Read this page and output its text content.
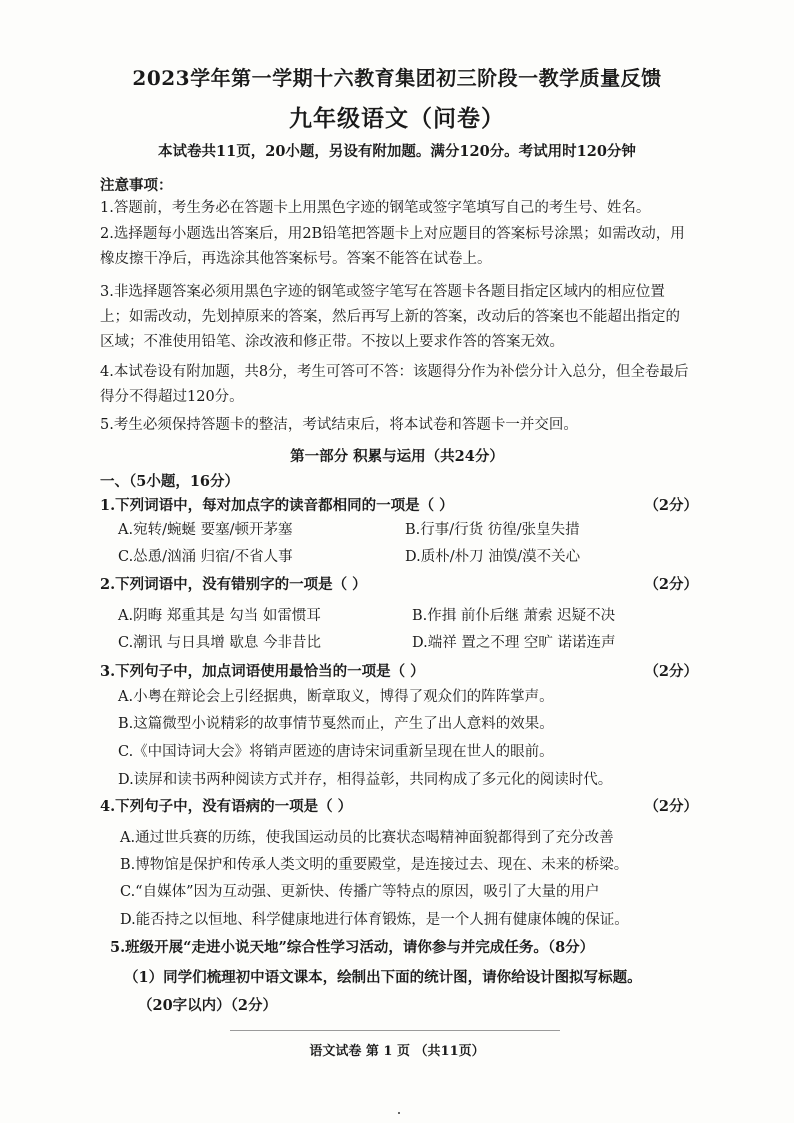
2023学年第一学期十六教育集团初三阶段一教学质量反馈
九年级语文（问卷）
本试卷共11页，20小题，另设有附加题。满分120分。考试用时120分钟
注意事项：
1.答题前，考生务必在答题卡上用黑色字迹的钢笔或签字笔填写自己的考生号、姓名。
2.选择题每小题选出答案后，用2B铅笔把答题卡上对应题目的答案标号涂黑；如需改动，用橡皮擦干净后，再选涂其他答案标号。答案不能答在试卷上。
3.非选择题答案必须用黑色字迹的钢笔或签字笔写在答题卡各题目指定区域内的相应位置上；如需改动，先划掉原来的答案，然后再写上新的答案，改动后的答案也不能超出指定的区域；不准使用铅笔、涂改液和修正带。不按以上要求作答的答案无效。
4.本试卷设有附加题，共8分，考生可答可不答：该题得分作为补偿分计入总分，但全卷最后得分不得超过120分。
5.考生必须保持答题卡的整洁，考试结束后，将本试卷和答题卡一并交回。
第一部分 积累与运用（共24分）
一、（5小题，16分）
1.下列词语中，每对加点字的读音都相同的一项是（ ）	（2分）
A.宛转/蜿蜒 要塞/顿开茅塞	B.行事/行货 彷徨/张皇失措
C.怂恿/汹涌 归宿/不省人事	D.质朴/朴刀 油馍/漠不关心
2.下列词语中，没有错别字的一项是（ ）	（2分）
A.阴晦 郑重其是 勾当 如雷惯耳	B.作揖 前仆后继 萧索 迟疑不决
C.潮讯 与日具增 歇息 今非昔比	D.端祥 置之不理 空旷 诺诺连声
3.下列句子中，加点词语使用最恰当的一项是（ ）	（2分）
A.小粤在辩论会上引经据典，断章取义，博得了观众们的阵阵掌声。
B.这篇微型小说精彩的故事情节戛然而止，产生了出人意料的效果。
C.《中国诗词大会》将销声匿迹的唐诗宋词重新呈现在世人的眼前。
D.读屏和读书两种阅读方式并存，相得益彰，共同构成了多元化的阅读时代。
4.下列句子中，没有语病的一项是（ ）	（2分）
A.通过世兵赛的历练，使我国运动员的比赛状态喝精神面貌都得到了充分改善
B.博物馆是保护和传承人类文明的重要殿堂，是连接过去、现在、未来的桥梁。
C.“自媒体”因为互动强、更新快、传播广等特点的原因，吸引了大量的用户
D.能否持之以恒地、科学健康地进行体育锻炼，是一个人拥有健康体魄的保证。
5.班级开展“走进小说天地”综合性学习活动，请你参与并完成任务。（8分）
（1）同学们梳理初中语文课本，绘制出下面的统计图，请你给设计图拟写标题。
（20字以内）（2分）
语文试卷 第 1 页 （共11页）
